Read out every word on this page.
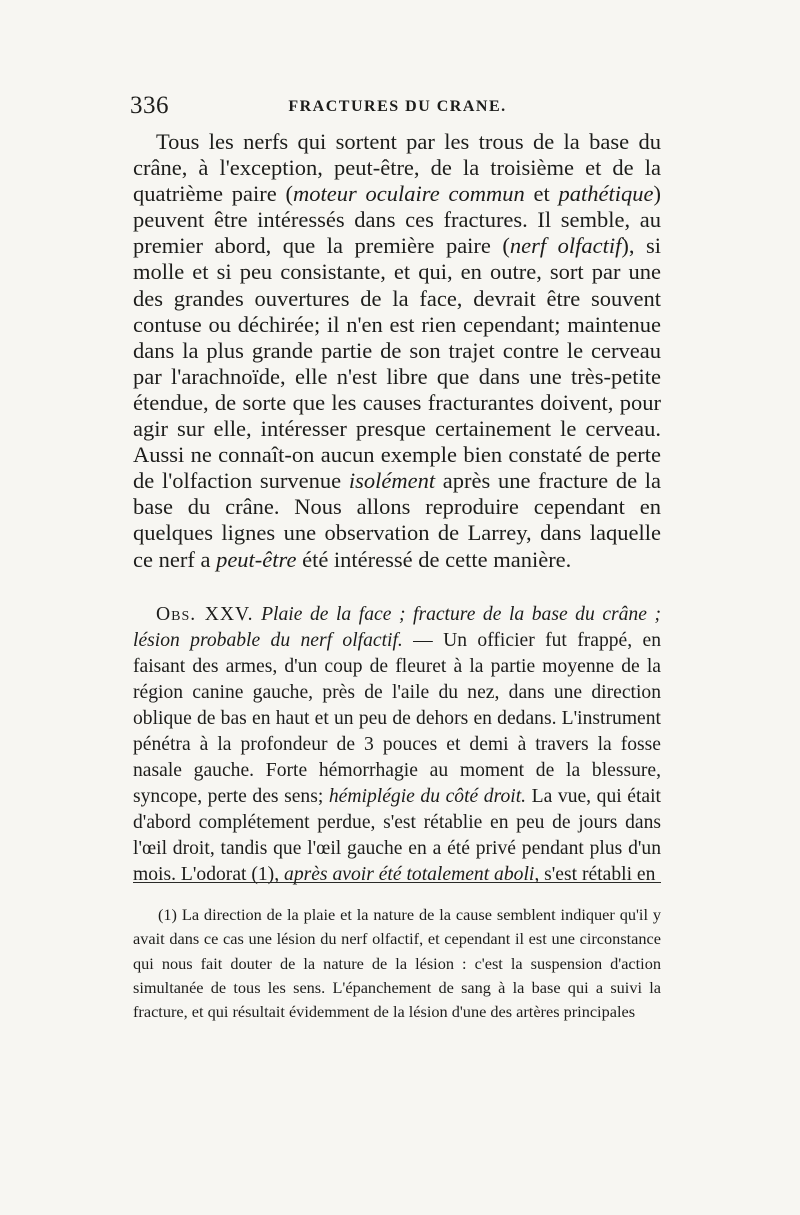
336	FRACTURES DU CRANE.

Tous les nerfs qui sortent par les trous de la base du crâne, à l'exception, peut-être, de la troisième et de la quatrième paire (moteur oculaire commun et pathétique) peuvent être intéressés dans ces fractures. Il semble, au premier abord, que la première paire (nerf olfactif), si molle et si peu consistante, et qui, en outre, sort par une des grandes ouvertures de la face, devrait être souvent contuse ou déchirée; il n'en est rien cependant; maintenue dans la plus grande partie de son trajet contre le cerveau par l'arachnoïde, elle n'est libre que dans une très-petite étendue, de sorte que les causes fracturantes doivent, pour agir sur elle, intéresser presque certainement le cerveau. Aussi ne connaît-on aucun exemple bien constaté de perte de l'olfaction survenue isolément après une fracture de la base du crâne. Nous allons reproduire cependant en quelques lignes une observation de Larrey, dans laquelle ce nerf a peut-être été intéressé de cette manière.

Obs. XXV. Plaie de la face ; fracture de la base du crâne ; lésion probable du nerf olfactif. — Un officier fut frappé, en faisant des armes, d'un coup de fleuret à la partie moyenne de la région canine gauche, près de l'aile du nez, dans une direction oblique de bas en haut et un peu de dehors en dedans. L'instrument pénétra à la profondeur de 3 pouces et demi à travers la fosse nasale gauche. Forte hémorrhagie au moment de la blessure, syncope, perte des sens; hémiplégie du côté droit. La vue, qui était d'abord complétement perdue, s'est rétablie en peu de jours dans l'œil droit, tandis que l'œil gauche en a été privé pendant plus d'un mois. L'odorat (1), après avoir été totalement aboli, s'est rétabli en

(1) La direction de la plaie et la nature de la cause semblent indiquer qu'il y avait dans ce cas une lésion du nerf olfactif, et cependant il est une circonstance qui nous fait douter de la nature de la lésion : c'est la suspension d'action simultanée de tous les sens. L'épanchement de sang à la base qui a suivi la fracture, et qui résultait évidemment de la lésion d'une des artères principales
